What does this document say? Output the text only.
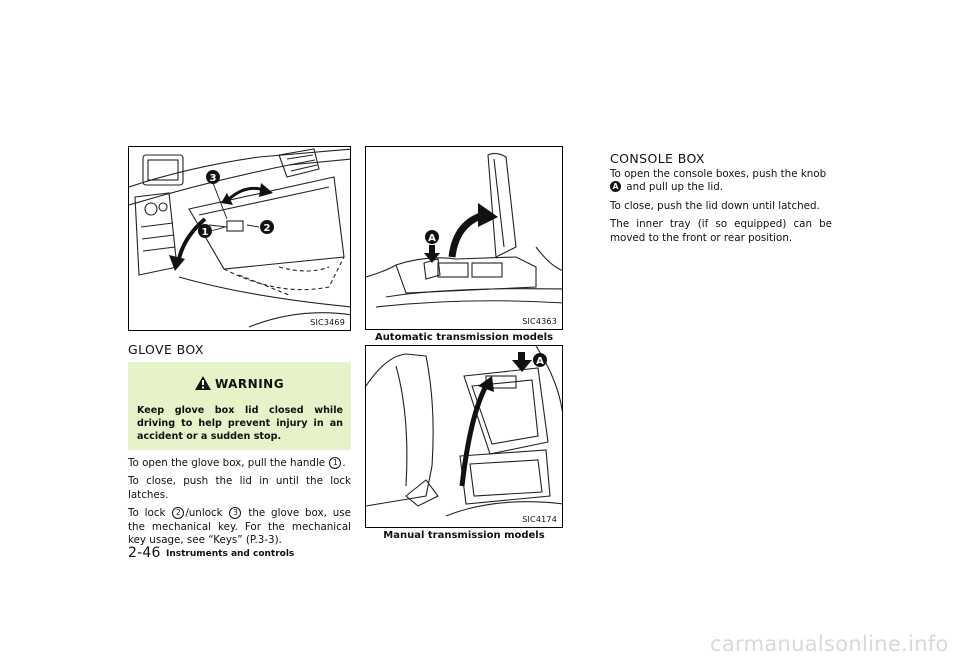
3
1	2
SIC3469
A
SIC4363
Automatic transmission models
A
SIC4174
Manual transmission models
GLOVE BOX
WARNING
Keep glove box lid closed while driving to help prevent injury in an accident or a sudden stop.

To open the glove box, pull the handle 1 .

To close, push the lid in until the lock latches.

To lock 2 /unlock 3 the glove box, use the mechanical key. For the mechanical key usage, see “Keys” (P.3-3).

CONSOLE BOX

To open the console boxes, push the knob
A and pull up the lid.

To close, push the lid down until latched.

The inner tray (if so equipped) can be moved to the front or rear position.

2-46 Instruments and controls
carmanualsonline.info
